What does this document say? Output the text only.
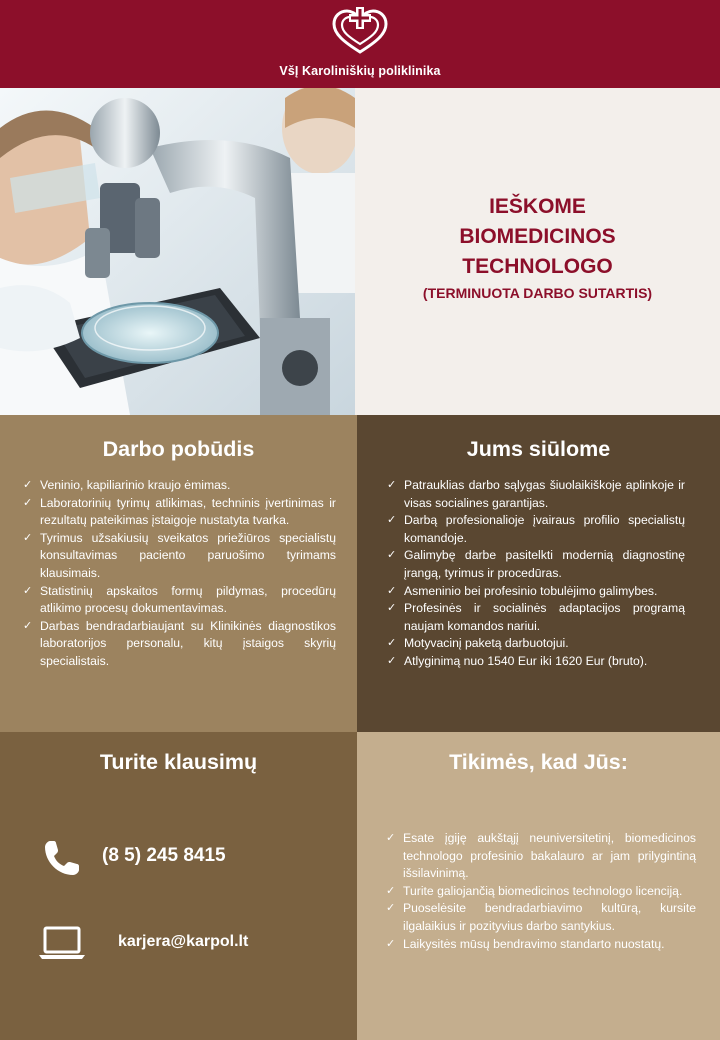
VšĮ Karoliniškių poliklinika
IEŠKOME
BIOMEDICINOS
TECHNOLOGO
(TERMINUOTA DARBO SUTARTIS)
Darbo pobūdis
✓ Veninio, kapiliarinio kraujo ėmimas.
✓ Laboratorinių tyrimų atlikimas, techninis įvertinimas ir rezultatų pateikimas įstaigoje nustatyta tvarka.
✓ Tyrimus užsakiusių sveikatos priežiūros specialistų konsultavimas paciento paruošimo tyrimams klausimais.
✓ Statistinių apskaitos formų pildymas, procedūrų atlikimo procesų dokumentavimas.
✓ Darbas bendradarbiaujant su Klinikinės diagnostikos laboratorijos personalu, kitų įstaigos skyrių specialistais.
Jums siūlome
✓ Patrauklias darbo sąlygas šiuolaikiškoje aplinkoje ir visas socialines garantijas.
✓ Darbą profesionalioje įvairaus profilio specialistų komandoje.
✓ Galimybę darbe pasitelkti modernią diagnostinę įrangą, tyrimus ir procedūras.
✓ Asmeninio bei profesinio tobulėjimo galimybes.
✓ Profesinės ir socialinės adaptacijos programą naujam komandos nariui.
✓ Motyvacinį paketą darbuotojui.
✓ Atlyginimą nuo 1540 Eur iki 1620 Eur (bruto).
Turite klausimų
(8 5) 245 8415
karjera@karpol.lt
Tikimės, kad Jūs:
✓ Esate įgiję aukštąjį neuniversitetinį, biomedicinos technologo profesinio bakalauro ar jam prilygintiną išsilavinimą.
✓ Turite galiojančią biomedicinos technologo licenciją.
✓ Puoselėsite bendradarbiavimo kultūrą, kursite ilgalaikius ir pozityvius darbo santykius.
✓ Laikysitės mūsų bendravimo standarto nuostatų.
